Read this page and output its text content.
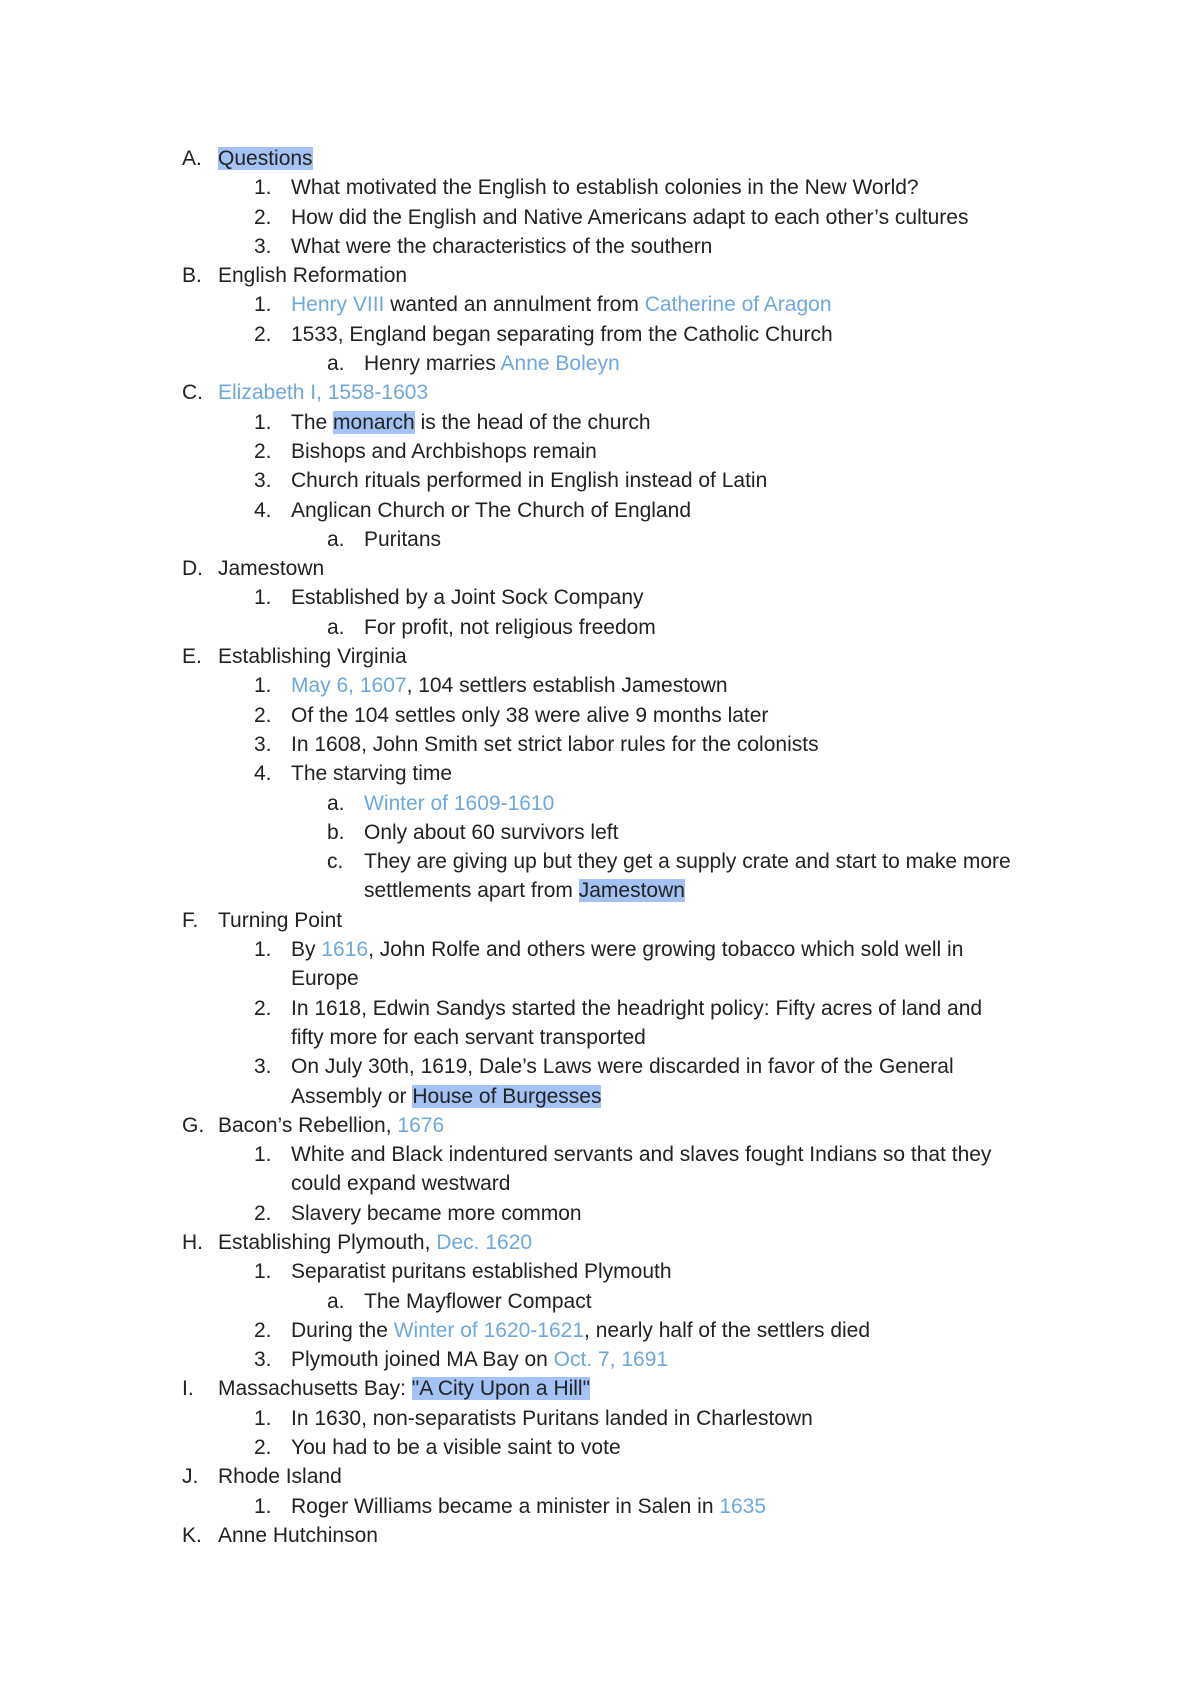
A. Questions
1. What motivated the English to establish colonies in the New World?
2. How did the English and Native Americans adapt to each other’s cultures
3. What were the characteristics of the southern
B. English Reformation
1. Henry VIII wanted an annulment from Catherine of Aragon
2. 1533, England began separating from the Catholic Church
a. Henry marries Anne Boleyn
C. Elizabeth I, 1558-1603
1. The monarch is the head of the church
2. Bishops and Archbishops remain
3. Church rituals performed in English instead of Latin
4. Anglican Church or The Church of England
a. Puritans
D. Jamestown
1. Established by a Joint Sock Company
a. For profit, not religious freedom
E. Establishing Virginia
1. May 6, 1607, 104 settlers establish Jamestown
2. Of the 104 settles only 38 were alive 9 months later
3. In 1608, John Smith set strict labor rules for the colonists
4. The starving time
a. Winter of 1609-1610
b. Only about 60 survivors left
c. They are giving up but they get a supply crate and start to make more
settlements apart from Jamestown
F. Turning Point
1. By 1616, John Rolfe and others were growing tobacco which sold well in
Europe
2. In 1618, Edwin Sandys started the headright policy: Fifty acres of land and
fifty more for each servant transported
3. On July 30th, 1619, Dale’s Laws were discarded in favor of the General
Assembly or House of Burgesses
G. Bacon’s Rebellion, 1676
1. White and Black indentured servants and slaves fought Indians so that they
could expand westward
2. Slavery became more common
H. Establishing Plymouth, Dec. 1620
1. Separatist puritans established Plymouth
a. The Mayflower Compact
2. During the Winter of 1620-1621, nearly half of the settlers died
3. Plymouth joined MA Bay on Oct. 7, 1691
I. Massachusetts Bay: "A City Upon a Hill"
1. In 1630, non-separatists Puritans landed in Charlestown
2. You had to be a visible saint to vote
J. Rhode Island
1. Roger Williams became a minister in Salen in 1635
K. Anne Hutchinson
